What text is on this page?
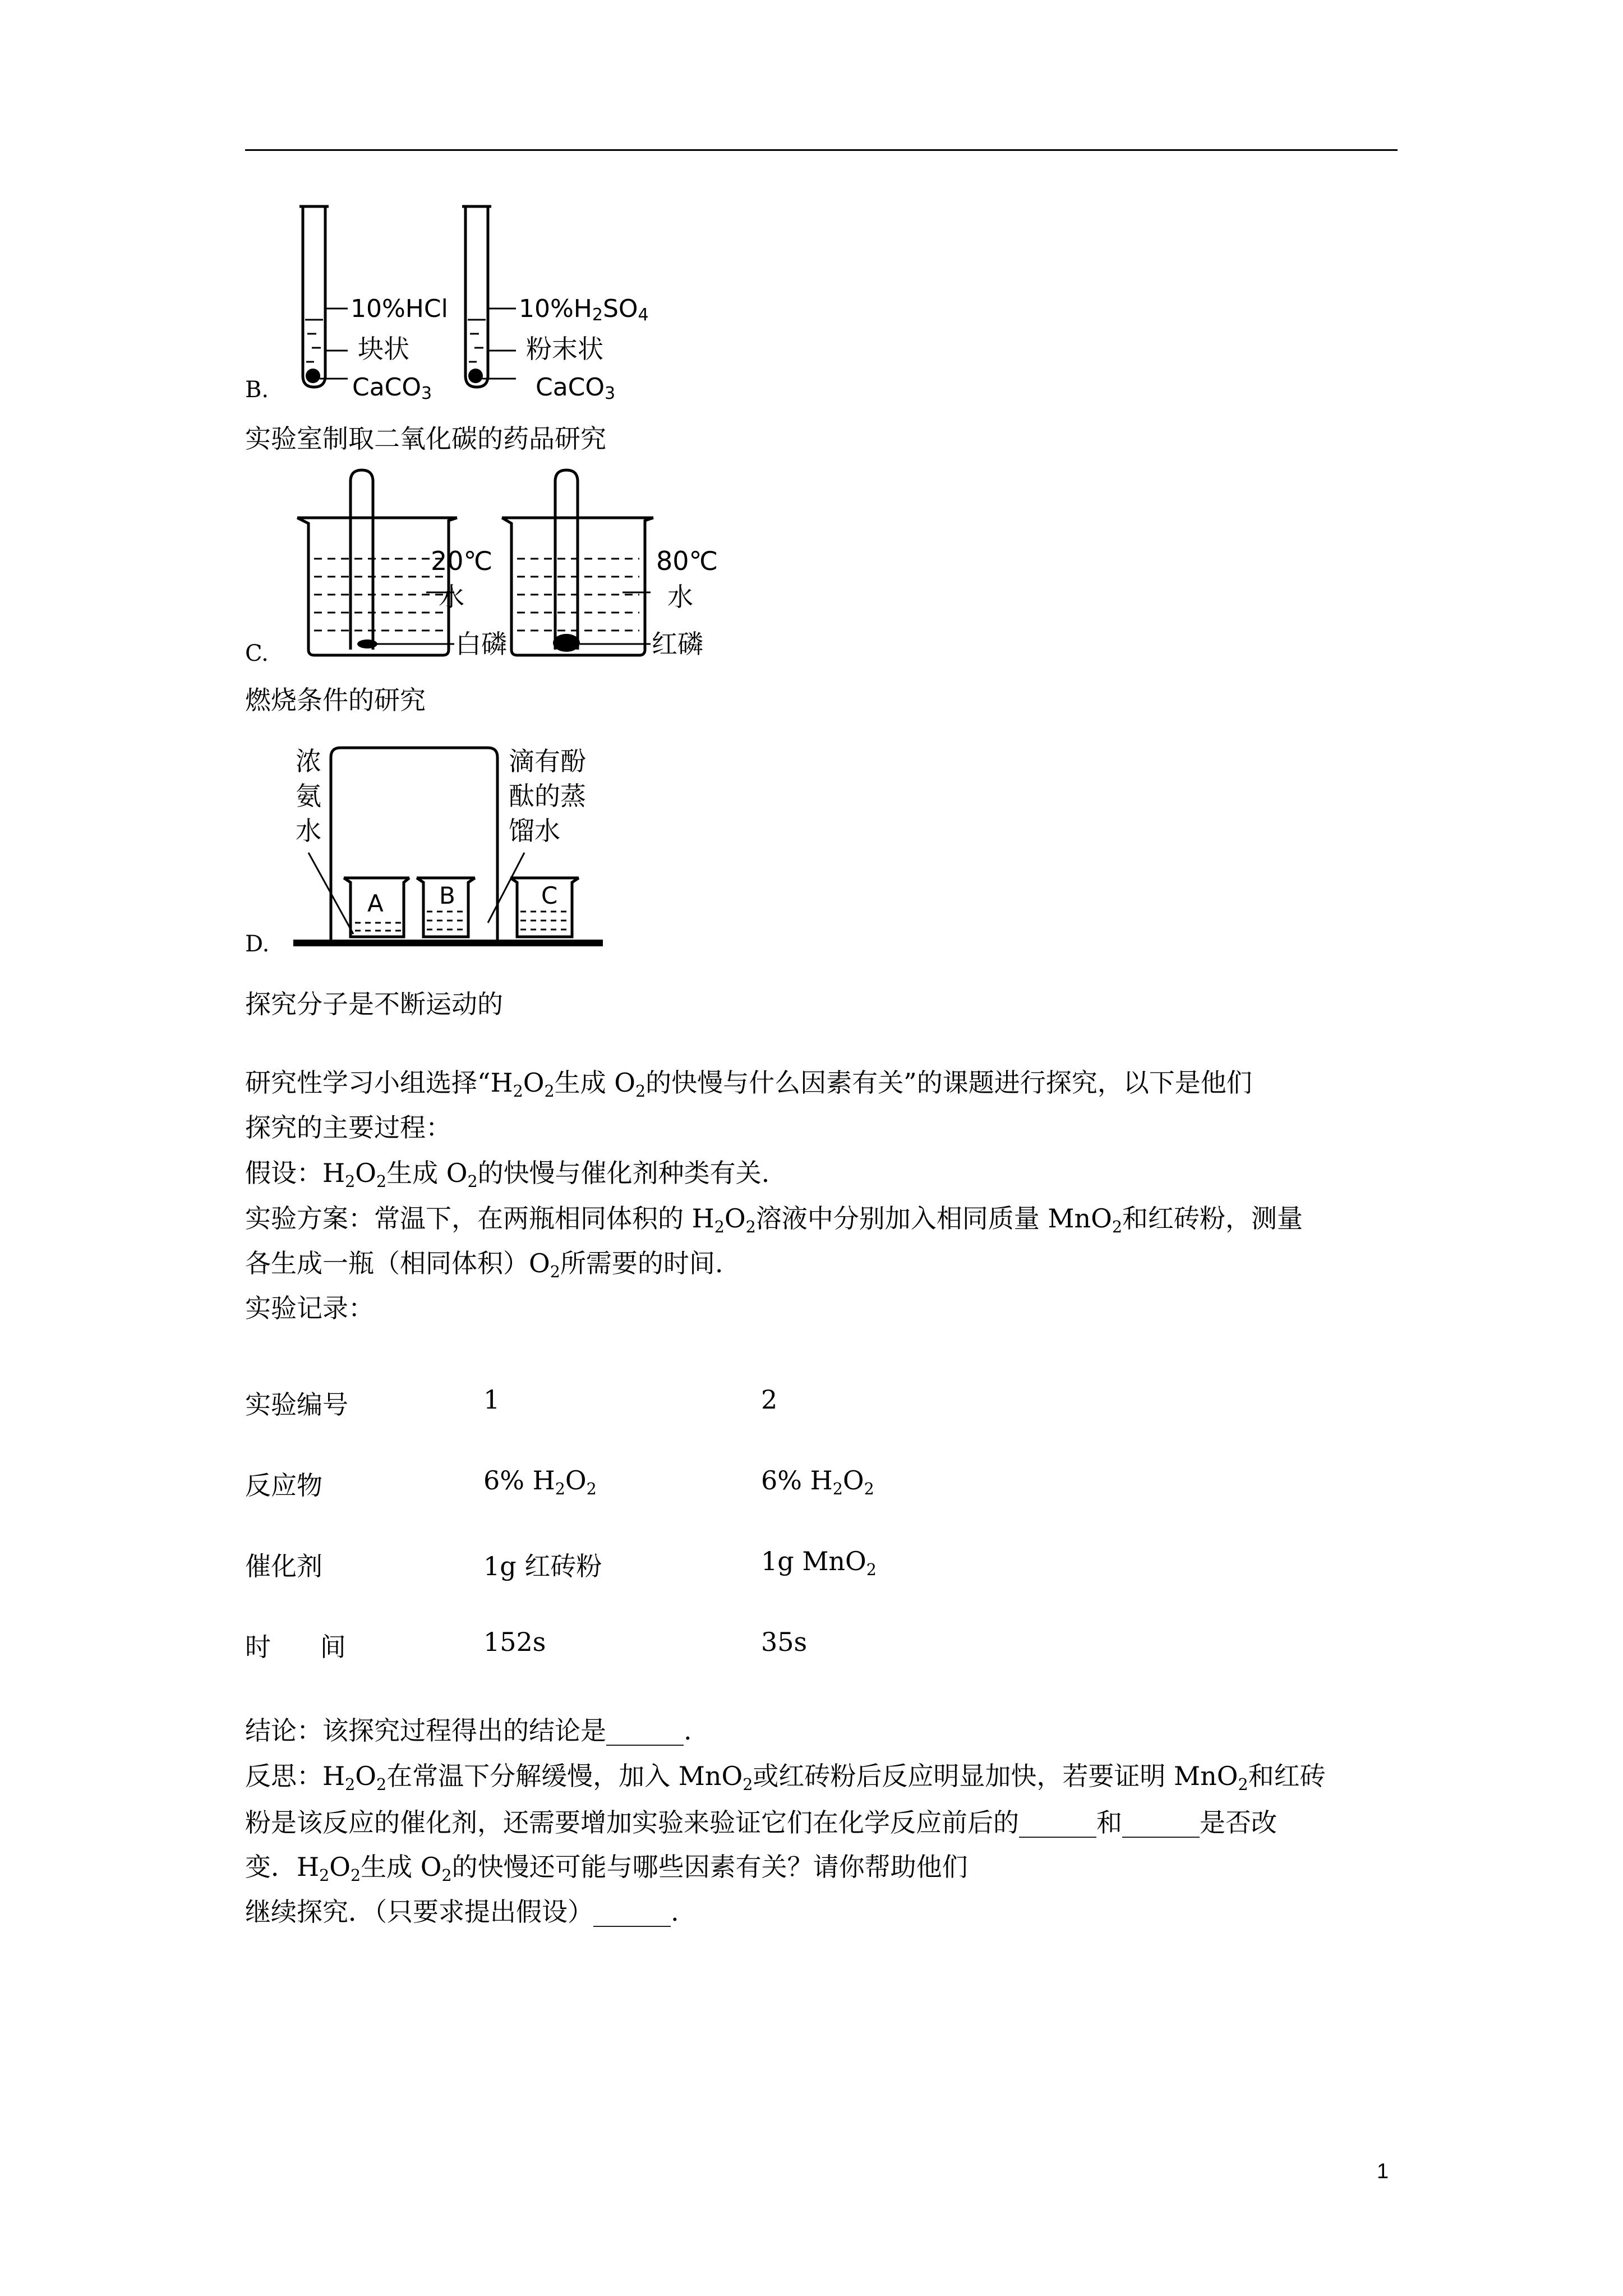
B.
10%HCl
块状
CaCO3
10%H2SO4
粉末状
CaCO3
实验室制取二氧化碳的药品研究
C.
20℃
水
白磷
80℃
水
红磷
燃烧条件的研究
D.
浓
氨
水
滴有酚
酞的蒸
馏水
A B	C
探究分子是不断运动的
研究性学习小组选择“H2O2生成 O2的快慢与什么因素有关”的课题进行探究，以下是他们
探究的主要过程：
假设：H2O2生成 O2的快慢与催化剂种类有关.
实验方案：常温下，在两瓶相同体积的 H2O2溶液中分别加入相同质量 MnO2和红砖粉，测量
各生成一瓶（相同体积）O2所需要的时间.
实验记录：
实验编号	1	2
反应物	6% H2O2	6% H2O2
催化剂	1g 红砖粉	1g MnO2
时      间	152s	35s
结论：该探究过程得出的结论是______.
反思：H2O2在常温下分解缓慢，加入 MnO2或红砖粉后反应明显加快，若要证明 MnO2和红砖
粉是该反应的催化剂，还需要增加实验来验证它们在化学反应前后的______和______是否改
变．H2O2生成 O2的快慢还可能与哪些因素有关？请你帮助他们
继续探究．（只要求提出假设）______.
1
